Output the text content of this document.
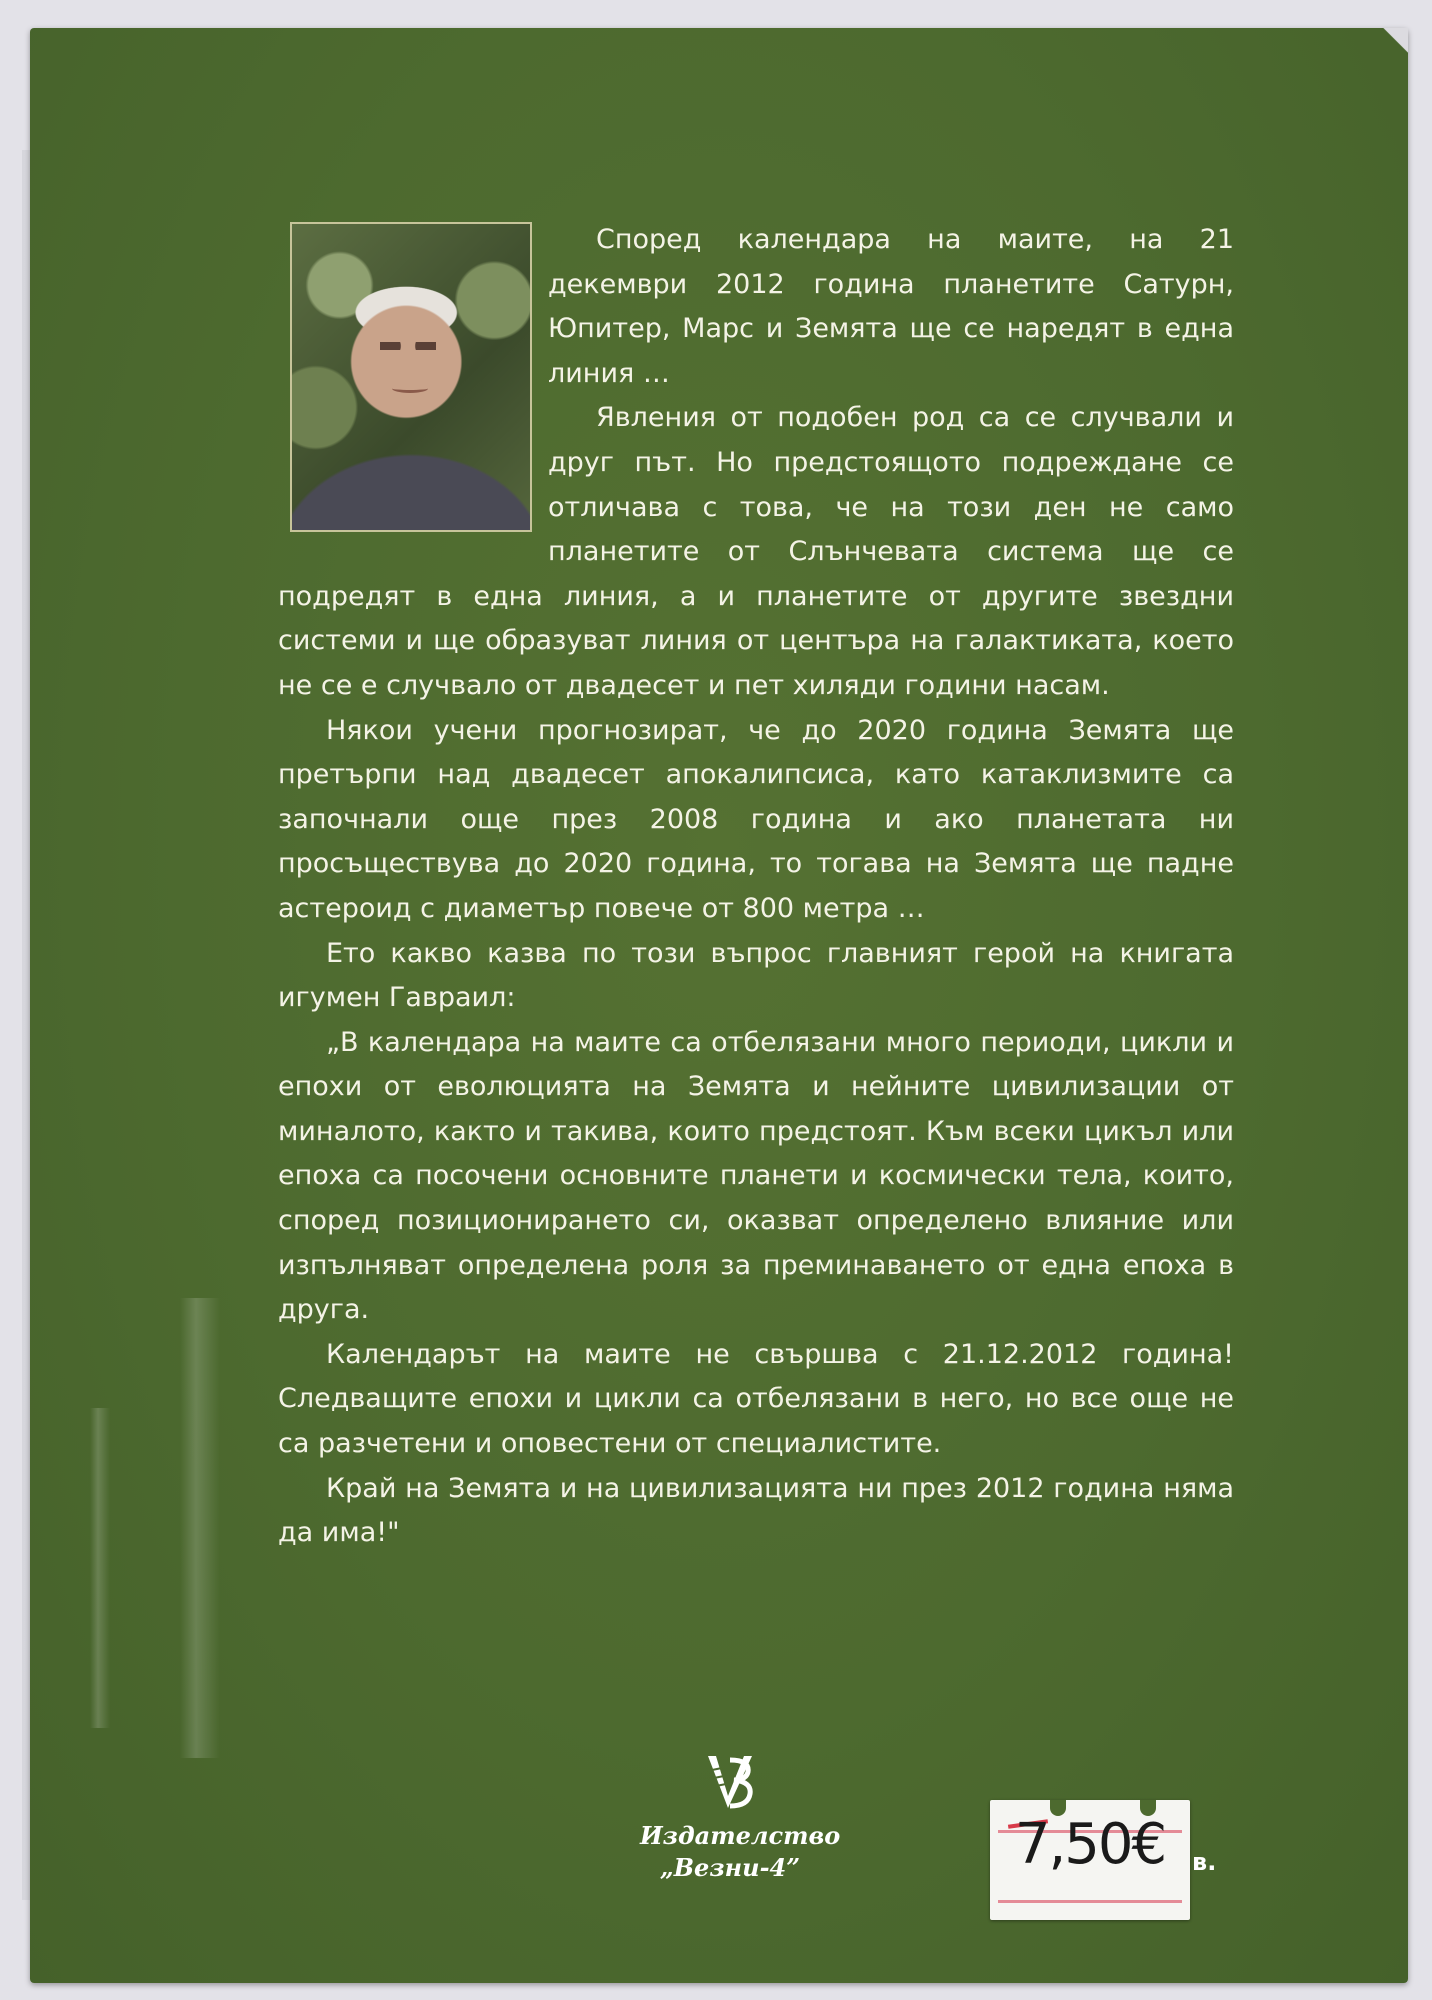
Според календара на маите, на 21 декември 2012 година планетите Сатурн, Юпитер, Марс и Земята ще се наредят в една линия …

Явления от подобен род са се случвали и друг път. Но предстоящото подреждане се отличава с това, че на този ден не само планетите от Слънчевата система ще се подредят в една линия, а и планетите от другите звездни системи и ще образуват линия от центъра на галактиката, което не се е случвало от двадесет и пет хиляди години насам.

Някои учени прогнозират, че до 2020 година Земята ще претърпи над двадесет апокалипсиса, като катаклизмите са започнали още през 2008 година и ако планетата ни просъществува до 2020 година, то тогава на Земята ще падне астероид с диаметър повече от 800 метра …

Ето какво казва по този въпрос главният герой на книгата игумен Гавраил:

„В календара на маите са отбелязани много периоди, цикли и епохи от еволюцията на Земята и нейните цивилизации от миналото, както и такива, които предстоят. Към всеки цикъл или епоха са посочени основните планети и космически тела, които, според позиционирането си, оказват определено влияние или изпълняват определена роля за преминаването от една епоха в друга.

Календарът на маите не свършва с 21.12.2012 година! Следващите епохи и цикли са отбелязани в него, но все още не са разчетени и оповестени от специалистите.

Край на Земята и на цивилизацията ни през 2012 година няма да има!"

Издателство
„Везни-4”	7,50€	в.
